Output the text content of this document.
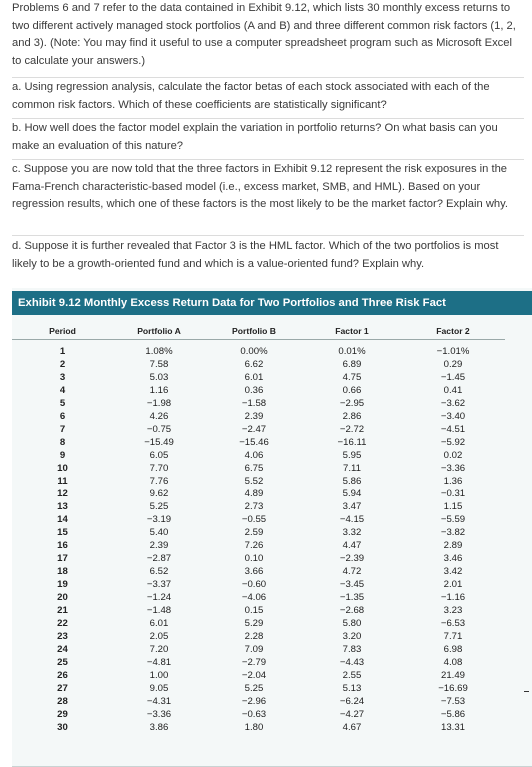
Problems 6 and 7 refer to the data contained in Exhibit 9.12, which lists 30 monthly excess returns to two different actively managed stock portfolios (A and B) and three different common risk factors (1, 2, and 3). (Note: You may find it useful to use a computer spreadsheet program such as Microsoft Excel to calculate your answers.)

a. Using regression analysis, calculate the factor betas of each stock associated with each of the common risk factors. Which of these coefficients are statistically significant?

b. How well does the factor model explain the variation in portfolio returns? On what basis can you make an evaluation of this nature?

c. Suppose you are now told that the three factors in Exhibit 9.12 represent the risk exposures in the Fama-French characteristic-based model (i.e., excess market, SMB, and HML). Based on your regression results, which one of these factors is the most likely to be the market factor? Explain why.

d. Suppose it is further revealed that Factor 3 is the HML factor. Which of the two portfolios is most likely to be a growth-oriented fund and which is a value-oriented fund? Explain why.

Exhibit 9.12 Monthly Excess Return Data for Two Portfolios and Three Risk Fact
Period	Portfolio A	Portfolio B	Factor 1	Factor 2
1	1.08%	0.00%	0.01%	−1.01%
2	7.58	6.62	6.89	0.29
3	5.03	6.01	4.75	−1.45
4	1.16	0.36	0.66	0.41
5	−1.98	−1.58	−2.95	−3.62
6	4.26	2.39	2.86	−3.40
7	−0.75	−2.47	−2.72	−4.51
8	−15.49	−15.46	−16.11	−5.92
9	6.05	4.06	5.95	0.02
10	7.70	6.75	7.11	−3.36
11	7.76	5.52	5.86	1.36
12	9.62	4.89	5.94	−0.31
13	5.25	2.73	3.47	1.15
14	−3.19	−0.55	−4.15	−5.59
15	5.40	2.59	3.32	−3.82
16	2.39	7.26	4.47	2.89
17	−2.87	0.10	−2.39	3.46
18	6.52	3.66	4.72	3.42
19	−3.37	−0.60	−3.45	2.01
20	−1.24	−4.06	−1.35	−1.16
21	−1.48	0.15	−2.68	3.23
22	6.01	5.29	5.80	−6.53
23	2.05	2.28	3.20	7.71
24	7.20	7.09	7.83	6.98
25	−4.81	−2.79	−4.43	4.08
26	1.00	−2.04	2.55	21.49
27	9.05	5.25	5.13	−16.69
28	−4.31	−2.96	−6.24	−7.53
29	−3.36	−0.63	−4.27	−5.86
30	3.86	1.80	4.67	13.31
